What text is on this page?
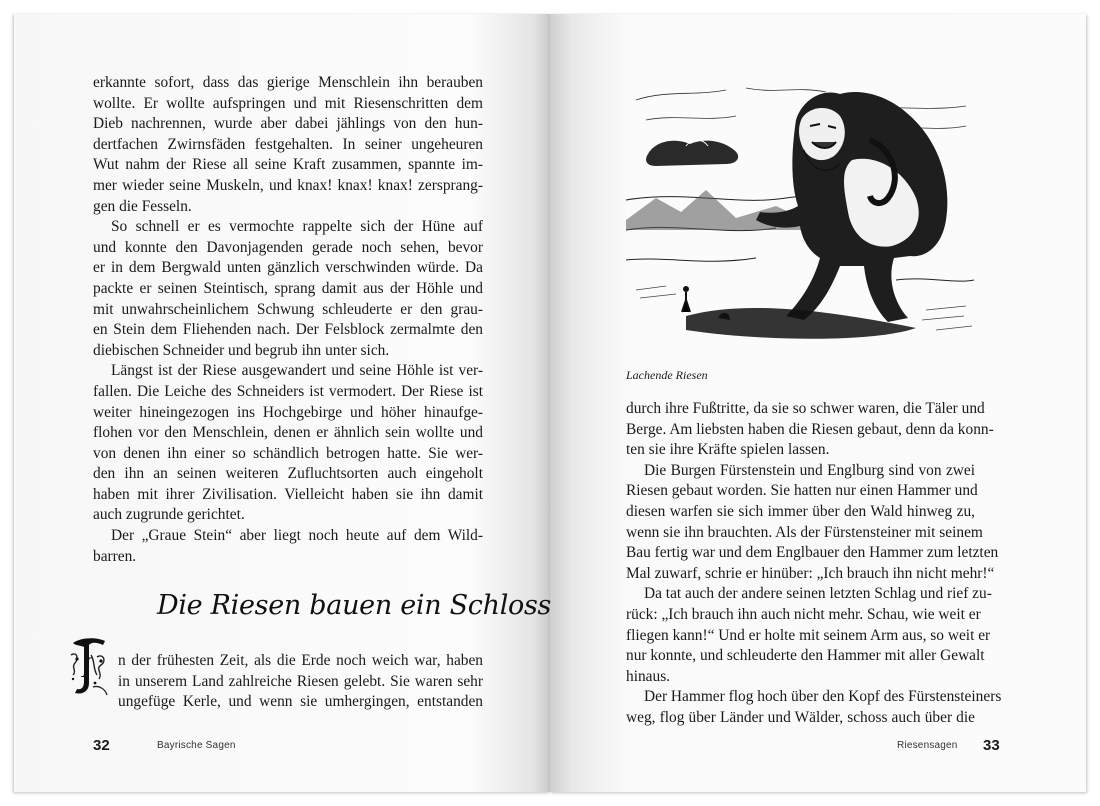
erkannte sofort, dass das gierige Menschlein ihn berauben
wollte. Er wollte aufspringen und mit Riesenschritten dem
Dieb nachrennen, wurde aber dabei jählings von den hun-
dertfachen Zwirnsfäden festgehalten. In seiner ungeheuren
Wut nahm der Riese all seine Kraft zusammen, spannte im-
mer wieder seine Muskeln, und knax! knax! knax! zersprang-
gen die Fesseln.

So schnell er es vermochte rappelte sich der Hüne auf
und konnte den Davonjagenden gerade noch sehen, bevor
er in dem Bergwald unten gänzlich verschwinden würde. Da
packte er seinen Steintisch, sprang damit aus der Höhle und
mit unwahrscheinlichem Schwung schleuderte er den grau-
en Stein dem Fliehenden nach. Der Felsblock zermalmte den
diebischen Schneider und begrub ihn unter sich.

Längst ist der Riese ausgewandert und seine Höhle ist ver-
fallen. Die Leiche des Schneiders ist vermodert. Der Riese ist
weiter hineingezogen ins Hochgebirge und höher hinaufge-
flohen vor den Menschlein, denen er ähnlich sein wollte und
von denen ihn einer so schändlich betrogen hatte. Sie wer-
den ihn an seinen weiteren Zufluchtsorten auch eingeholt
haben mit ihrer Zivilisation. Vielleicht haben sie ihn damit
auch zugrunde gerichtet.

Der „Graue Stein“ aber liegt noch heute auf dem Wild-
barren.

Die Riesen bauen ein Schloss
I n der frühesten Zeit, als die Erde noch weich war, haben
in unserem Land zahlreiche Riesen gelebt. Sie waren sehr
ungefüge Kerle, und wenn sie umhergingen, entstanden
32	Bayrische Sagen
Lachende Riesen

durch ihre Fußtritte, da sie so schwer waren, die Täler und
Berge. Am liebsten haben die Riesen gebaut, denn da konn-
ten sie ihre Kräfte spielen lassen.

Die Burgen Fürstenstein und Englburg sind von zwei
Riesen gebaut worden. Sie hatten nur einen Hammer und
diesen warfen sie sich immer über den Wald hinweg zu,
wenn sie ihn brauchten. Als der Fürstensteiner mit seinem
Bau fertig war und dem Englbauer den Hammer zum letzten
Mal zuwarf, schrie er hinüber: „Ich brauch ihn nicht mehr!“

Da tat auch der andere seinen letzten Schlag und rief zu-
rück: „Ich brauch ihn auch nicht mehr. Schau, wie weit er
fliegen kann!“ Und er holte mit seinem Arm aus, so weit er
nur konnte, und schleuderte den Hammer mit aller Gewalt
hinaus.

Der Hammer flog hoch über den Kopf des Fürstensteiners
weg, flog über Länder und Wälder, schoss auch über die

Riesensagen 33
